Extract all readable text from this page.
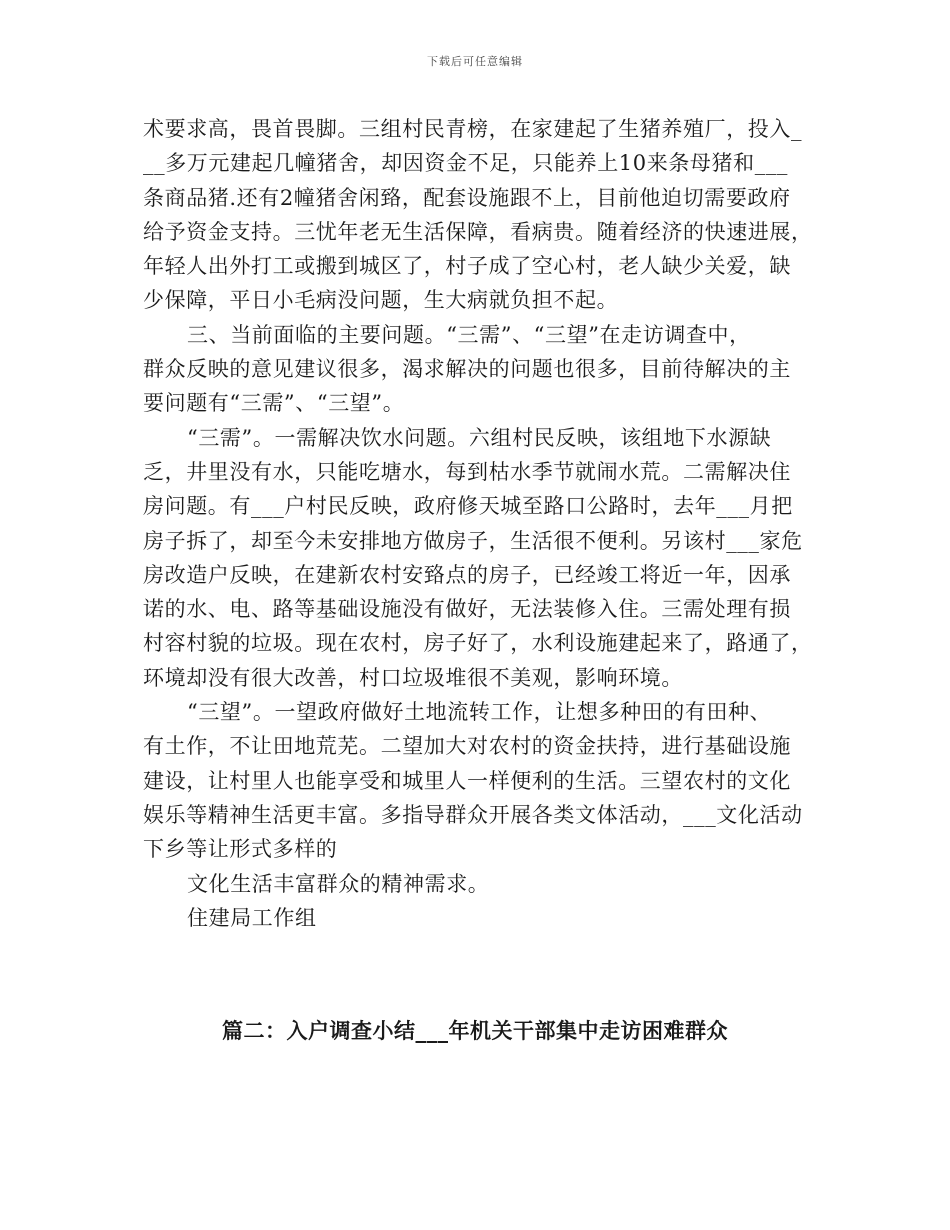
下载后可任意编辑
术要求高，畏首畏脚。三组村民青榜，在家建起了生猪养殖厂，投入_
__多万元建起几幢猪舍，却因资金不足，只能养上10来条母猪和___
条商品猪.还有2幢猪舍闲臵，配套设施跟不上，目前他迫切需要政府
给予资金支持。三忧年老无生活保障，看病贵。随着经济的快速进展，
年轻人出外打工或搬到城区了，村子成了空心村，老人缺少关爱，缺
少保障，平日小毛病没问题，生大病就负担不起。
三、当前面临的主要问题。“三需”、“三望”在走访调查中，
群众反映的意见建议很多，渴求解决的问题也很多，目前待解决的主
要问题有“三需”、“三望”。
“三需”。一需解决饮水问题。六组村民反映，该组地下水源缺
乏，井里没有水，只能吃塘水，每到枯水季节就闹水荒。二需解决住
房问题。有___户村民反映，政府修天城至路口公路时，去年___月把
房子拆了，却至今未安排地方做房子，生活很不便利。另该村___家危
房改造户反映，在建新农村安臵点的房子，已经竣工将近一年，因承
诺的水、电、路等基础设施没有做好，无法装修入住。三需处理有损
村容村貌的垃圾。现在农村，房子好了，水利设施建起来了，路通了，
环境却没有很大改善，村口垃圾堆很不美观，影响环境。
“三望”。一望政府做好土地流转工作，让想多种田的有田种、
有土作，不让田地荒芜。二望加大对农村的资金扶持，进行基础设施
建设，让村里人也能享受和城里人一样便利的生活。三望农村的文化
娱乐等精神生活更丰富。多指导群众开展各类文体活动，___文化活动
下乡等让形式多样的
文化生活丰富群众的精神需求。
住建局工作组
篇二：入户调查小结___年机关干部集中走访困难群众
